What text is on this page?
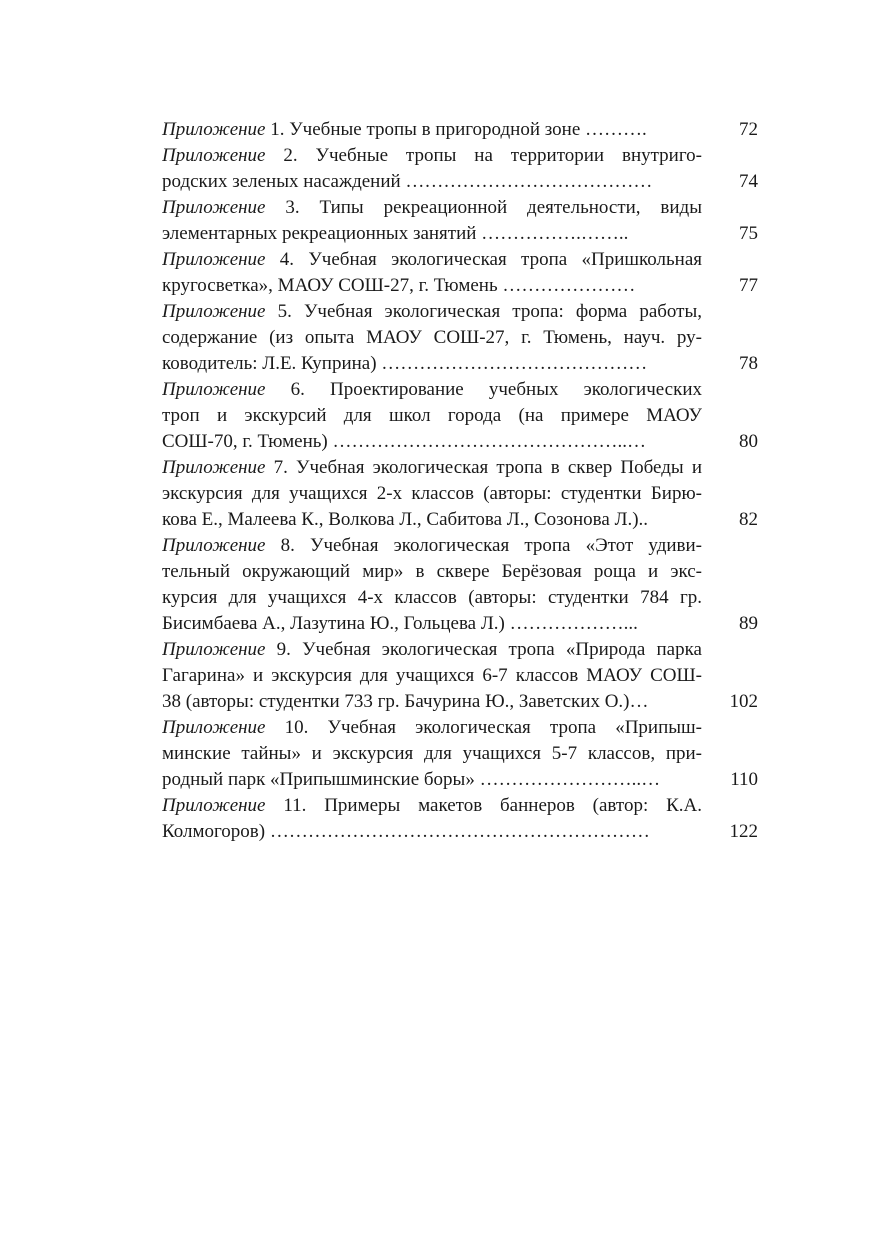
Приложение 1. Учебные тропы в пригородной зоне ……….	72
Приложение 2. Учебные тропы на территории внутриго-
родских зеленых насаждений …………………………………	74
Приложение 3. Типы рекреационной деятельности, виды
элементарных рекреационных занятий …………….……..	75
Приложение 4. Учебная экологическая тропа «Пришкольная
кругосветка», МАОУ СОШ-27, г. Тюмень …………………	77
Приложение 5. Учебная экологическая тропа: форма работы,
содержание (из опыта МАОУ СОШ-27, г. Тюмень, науч. ру-
ководитель: Л.Е. Куприна) ……………………………………	78
Приложение 6. Проектирование учебных экологических
троп и экскурсий для школ города (на примере МАОУ
СОШ-70, г. Тюмень) ………………………………………..…	80
Приложение 7. Учебная экологическая тропа в сквер Победы и
экскурсия для учащихся 2-х классов (авторы: студентки Бирю-
кова Е., Малеева К., Волкова Л., Сабитова Л., Созонова Л.)..	82
Приложение 8. Учебная экологическая тропа «Этот удиви-
тельный окружающий мир» в сквере Берёзовая роща и экс-
курсия для учащихся 4-х классов (авторы: студентки 784 гр.
Бисимбаева А., Лазутина Ю., Гольцева Л.) ………………...	89
Приложение 9. Учебная экологическая тропа «Природа парка
Гагарина» и экскурсия для учащихся 6-7 классов МАОУ СОШ-
38 (авторы: студентки 733 гр. Бачурина Ю., Заветских О.)…	102
Приложение 10. Учебная экологическая тропа «Припыш-
минские тайны» и экскурсия для учащихся 5-7 классов, при-
родный парк «Припышминские боры» ……………………..…	110
Приложение 11. Примеры макетов баннеров (автор: К.А.
Колмогоров) ……………………………………………………	122
